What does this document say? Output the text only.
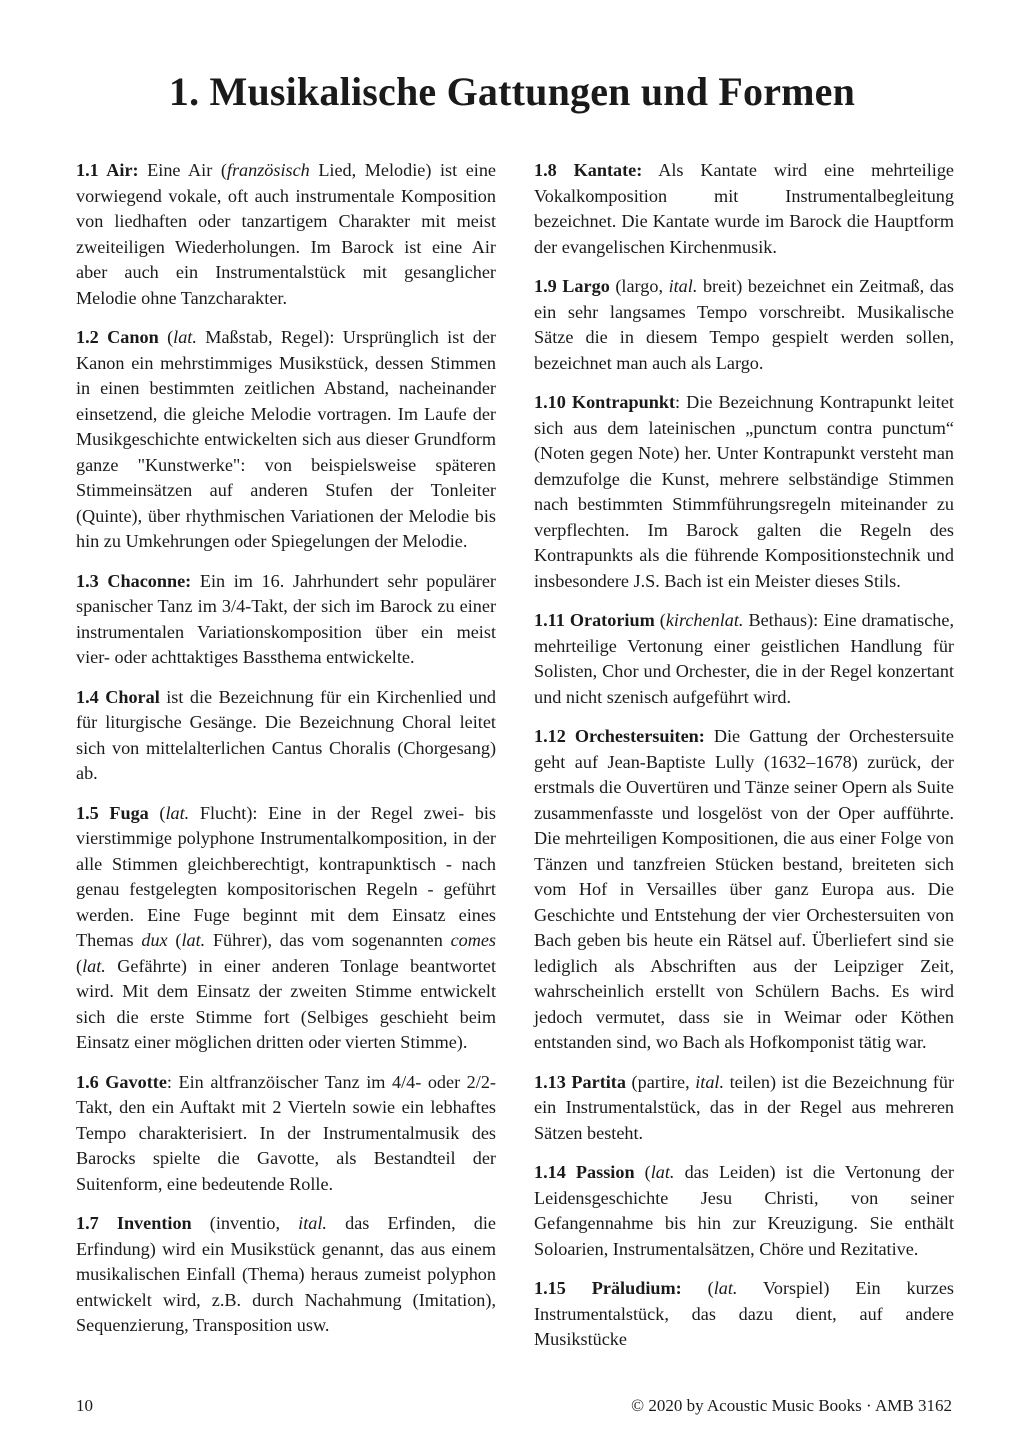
1. Musikalische Gattungen und Formen

1.1 Air: Eine Air (französisch Lied, Melodie) ist eine vorwiegend vokale, oft auch instrumentale Komposition von liedhaften oder tanzartigem Charakter mit meist zweiteiligen Wiederholungen. Im Barock ist eine Air aber auch ein Instrumentalstück mit gesanglicher Melodie ohne Tanzcharakter.

1.2 Canon (lat. Maßstab, Regel): Ursprünglich ist der Kanon ein mehrstimmiges Musikstück, dessen Stimmen in einen bestimmten zeitlichen Abstand, nacheinander einsetzend, die gleiche Melodie vortragen. Im Laufe der Musikgeschichte entwickelten sich aus dieser Grundform ganze "Kunstwerke": von beispielsweise späteren Stimmeinsätzen auf anderen Stufen der Tonleiter (Quinte), über rhythmischen Variationen der Melodie bis hin zu Umkehrungen oder Spiegelungen der Melodie.

1.3 Chaconne: Ein im 16. Jahrhundert sehr populärer spanischer Tanz im 3/4-Takt, der sich im Barock zu einer instrumentalen Variationskomposition über ein meist vier- oder achttaktiges Bassthema entwickelte.

1.4 Choral ist die Bezeichnung für ein Kirchenlied und für liturgische Gesänge. Die Bezeichnung Choral leitet sich von mittelalterlichen Cantus Choralis (Chorgesang) ab.

1.5 Fuga (lat. Flucht): Eine in der Regel zwei- bis vierstimmige polyphone Instrumentalkomposition, in der alle Stimmen gleichberechtigt, kontrapunktisch - nach genau festgelegten kompositorischen Regeln - geführt werden. Eine Fuge beginnt mit dem Einsatz eines Themas dux (lat. Führer), das vom sogenannten comes (lat. Gefährte) in einer anderen Tonlage beantwortet wird. Mit dem Einsatz der zweiten Stimme entwickelt sich die erste Stimme fort (Selbiges geschieht beim Einsatz einer möglichen dritten oder vierten Stimme).

1.6 Gavotte: Ein altfranzöischer Tanz im 4/4- oder 2/2- Takt, den ein Auftakt mit 2 Vierteln sowie ein lebhaftes Tempo charakterisiert. In der Instrumentalmusik des Barocks spielte die Gavotte, als Bestandteil der Suitenform, eine bedeutende Rolle.

1.7 Invention (inventio, ital. das Erfinden, die Erfindung) wird ein Musikstück genannt, das aus einem musikalischen Einfall (Thema) heraus zumeist polyphon entwickelt wird, z.B. durch Nachahmung (Imitation), Sequenzierung, Transposition usw.

1.8 Kantate: Als Kantate wird eine mehrteilige Vokalkomposition mit Instrumentalbegleitung bezeichnet. Die Kantate wurde im Barock die Hauptform der evangelischen Kirchenmusik.

1.9 Largo (largo, ital. breit) bezeichnet ein Zeitmaß, das ein sehr langsames Tempo vorschreibt. Musikalische Sätze die in diesem Tempo gespielt werden sollen, bezeichnet man auch als Largo.

1.10 Kontrapunkt: Die Bezeichnung Kontrapunkt leitet sich aus dem lateinischen „punctum contra punctum“ (Noten gegen Note) her. Unter Kontrapunkt versteht man demzufolge die Kunst, mehrere selbständige Stimmen nach bestimmten Stimmführungsregeln miteinander zu verpflechten. Im Barock galten die Regeln des Kontrapunkts als die führende Kompositionstechnik und insbesondere J.S. Bach ist ein Meister dieses Stils.

1.11 Oratorium (kirchenlat. Bethaus): Eine dramatische, mehrteilige Vertonung einer geistlichen Handlung für Solisten, Chor und Orchester, die in der Regel konzertant und nicht szenisch aufgeführt wird.

1.12 Orchestersuiten: Die Gattung der Orchestersuite geht auf Jean-Baptiste Lully (1632–1678) zurück, der erstmals die Ouvertüren und Tänze seiner Opern als Suite zusammenfasste und losgelöst von der Oper aufführte. Die mehrteiligen Kompositionen, die aus einer Folge von Tänzen und tanzfreien Stücken bestand, breiteten sich vom Hof in Versailles über ganz Europa aus. Die Geschichte und Entstehung der vier Orchestersuiten von Bach geben bis heute ein Rätsel auf. Überliefert sind sie lediglich als Abschriften aus der Leipziger Zeit, wahrscheinlich erstellt von Schülern Bachs. Es wird jedoch vermutet, dass sie in Weimar oder Köthen entstanden sind, wo Bach als Hofkomponist tätig war.

1.13 Partita (partire, ital. teilen) ist die Bezeichnung für ein Instrumentalstück, das in der Regel aus mehreren Sätzen besteht.

1.14 Passion (lat. das Leiden) ist die Vertonung der Leidensgeschichte Jesu Christi, von seiner Gefangennahme bis hin zur Kreuzigung. Sie enthält Soloarien, Instrumentalsätzen, Chöre und Rezitative.

1.15 Präludium: (lat. Vorspiel) Ein kurzes Instrumentalstück, das dazu dient, auf andere Musikstücke

10	© 2020 by Acoustic Music Books · AMB 3162
